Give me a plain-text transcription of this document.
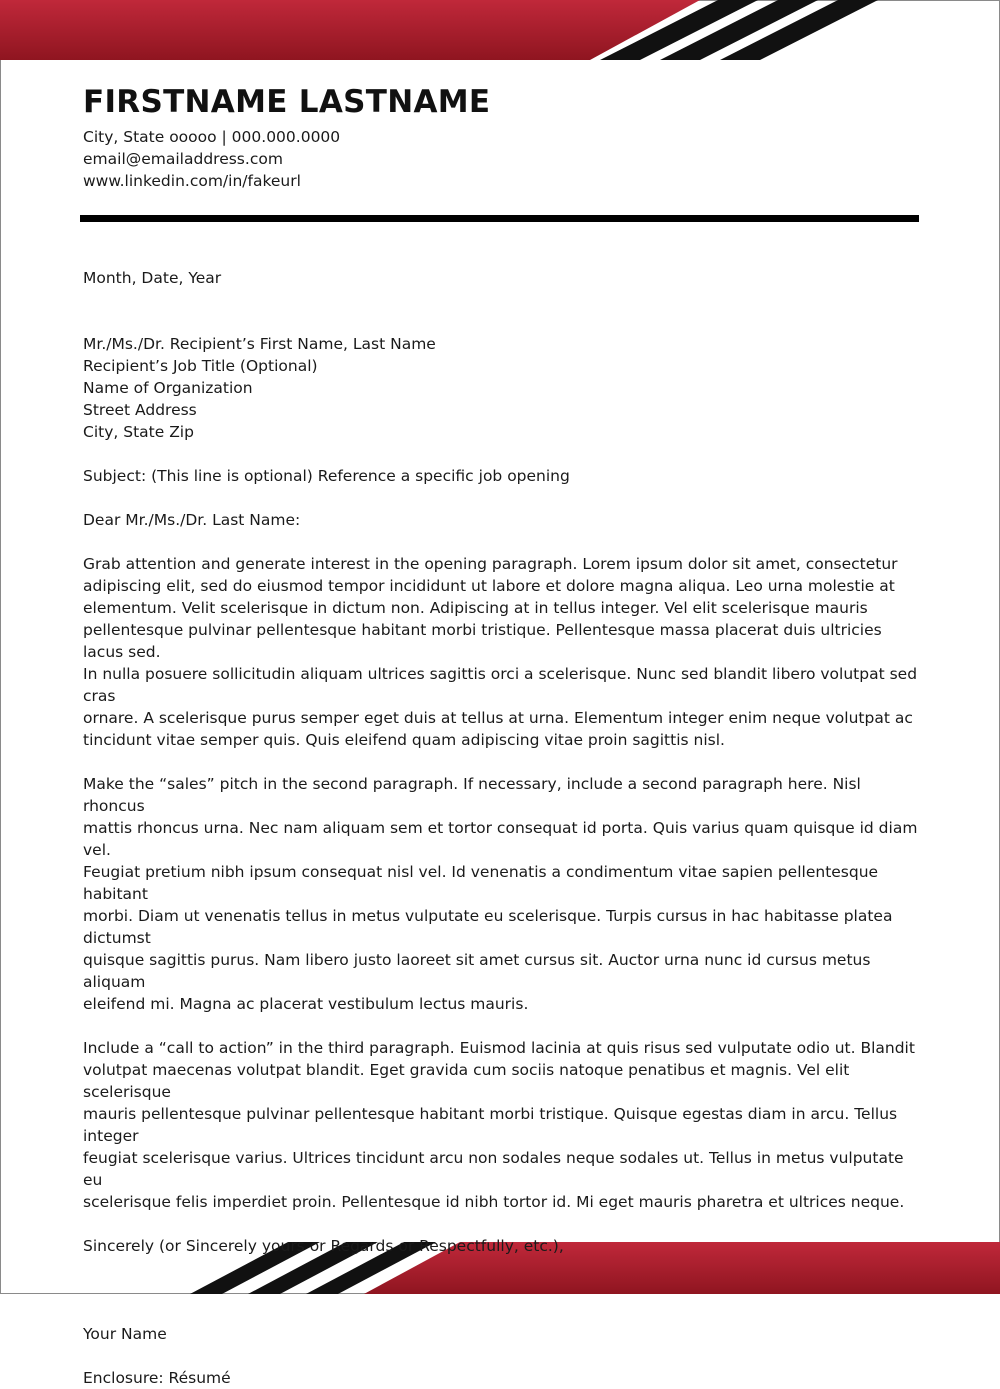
FIRSTNAME LASTNAME
City, State ooooo | 000.000.0000
email@emailaddress.com
www.linkedin.com/in/fakeurl

Month, Date, Year

Mr./Ms./Dr. Recipient’s First Name, Last Name
Recipient’s Job Title (Optional)
Name of Organization
Street Address
City, State Zip

Subject: (This line is optional) Reference a specific job opening

Dear Mr./Ms./Dr. Last Name:

Grab attention and generate interest in the opening paragraph. Lorem ipsum dolor sit amet, consectetur
adipiscing elit, sed do eiusmod tempor incididunt ut labore et dolore magna aliqua. Leo urna molestie at
elementum. Velit scelerisque in dictum non. Adipiscing at in tellus integer. Vel elit scelerisque mauris
pellentesque pulvinar pellentesque habitant morbi tristique. Pellentesque massa placerat duis ultricies lacus sed.
In nulla posuere sollicitudin aliquam ultrices sagittis orci a scelerisque. Nunc sed blandit libero volutpat sed cras
ornare. A scelerisque purus semper eget duis at tellus at urna. Elementum integer enim neque volutpat ac
tincidunt vitae semper quis. Quis eleifend quam adipiscing vitae proin sagittis nisl.

Make the “sales” pitch in the second paragraph. If necessary, include a second paragraph here. Nisl rhoncus
mattis rhoncus urna. Nec nam aliquam sem et tortor consequat id porta. Quis varius quam quisque id diam vel.
Feugiat pretium nibh ipsum consequat nisl vel. Id venenatis a condimentum vitae sapien pellentesque habitant
morbi. Diam ut venenatis tellus in metus vulputate eu scelerisque. Turpis cursus in hac habitasse platea dictumst
quisque sagittis purus. Nam libero justo laoreet sit amet cursus sit. Auctor urna nunc id cursus metus aliquam
eleifend mi. Magna ac placerat vestibulum lectus mauris.

Include a “call to action” in the third paragraph. Euismod lacinia at quis risus sed vulputate odio ut. Blandit
volutpat maecenas volutpat blandit. Eget gravida cum sociis natoque penatibus et magnis. Vel elit scelerisque
mauris pellentesque pulvinar pellentesque habitant morbi tristique. Quisque egestas diam in arcu. Tellus integer
feugiat scelerisque varius. Ultrices tincidunt arcu non sodales neque sodales ut. Tellus in metus vulputate eu
scelerisque felis imperdiet proin. Pellentesque id nibh tortor id. Mi eget mauris pharetra et ultrices neque.

Sincerely (or Sincerely yours or Regards or Respectfully, etc.),

Your Name

Enclosure: Résumé
